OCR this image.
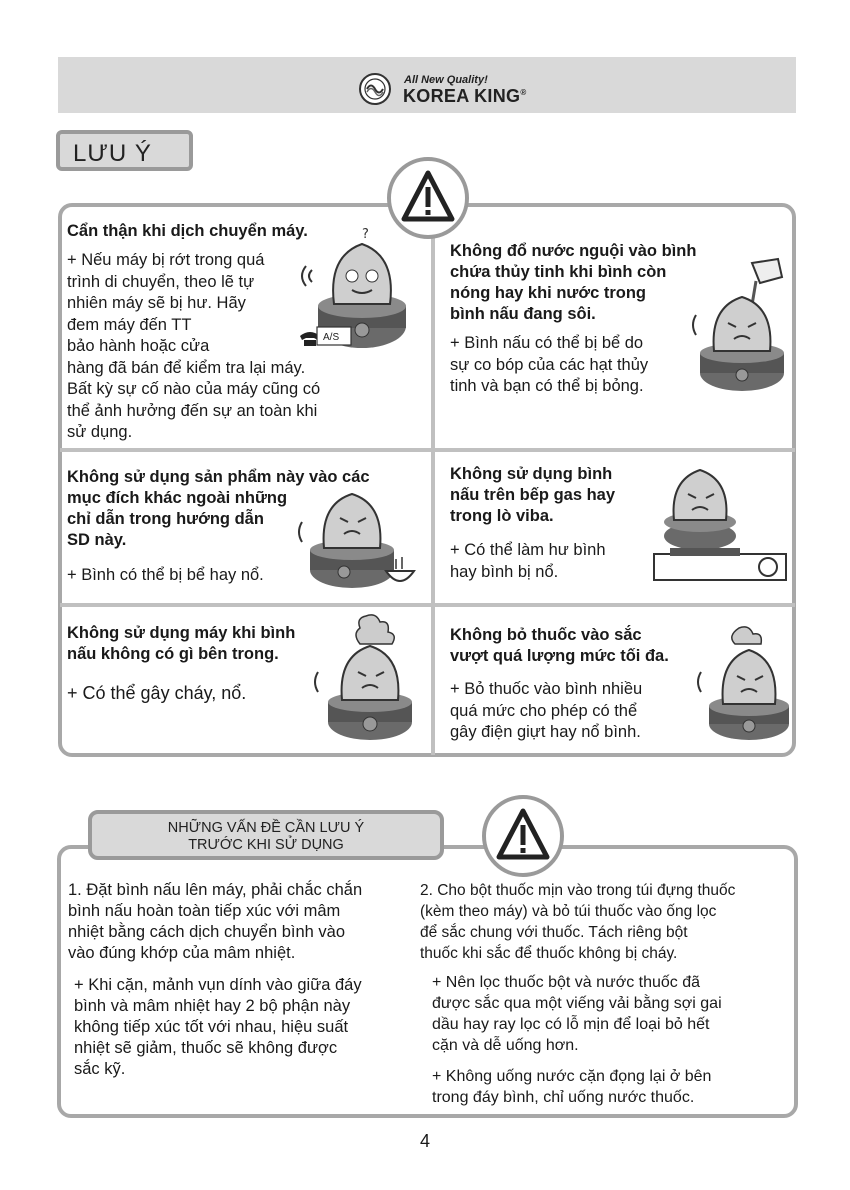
All New Quality!
KOREA KING®
LƯU Ý
Cẩn thận khi dịch chuyển máy.
+ Nếu máy bị rớt trong quá
trình di chuyển, theo lẽ tự
nhiên máy sẽ bị hư. Hãy
đem máy đến TT
bảo hành hoặc cửa
hàng đã bán để kiểm tra lại máy.
Bất kỳ sự cố nào của máy cũng có
thể ảnh hưởng đến sự an toàn khi
sử dụng.
?
A/S
Không đổ nước nguội vào bình
chứa thủy tinh khi bình còn
nóng hay khi nước trong
bình nấu đang sôi.
+ Bình nấu có thể bị bể do
sự co bóp của các hạt thủy
tinh và bạn có thể bị bỏng.
Không sử dụng sản phẩm này vào các
mục đích khác ngoài những
chỉ dẫn trong hướng dẫn
SD này.
+ Bình có thể bị bể hay nổ.
Không sử dụng bình
nấu trên bếp gas hay
trong lò viba.
+ Có thể làm hư bình
hay bình bị nổ.
Không sử dụng máy khi bình
nấu không có gì bên trong.
+ Có thể gây cháy, nổ.
Không bỏ thuốc vào sắc
vượt quá lượng mức tối đa.
+ Bỏ thuốc vào bình nhiều
quá mức cho phép có thể
gây điện giựt hay nổ bình.
NHỮNG VẤN ĐỀ CẦN LƯU Ý
TRƯỚC KHI SỬ DỤNG
1. Đặt bình nấu lên máy, phải chắc chắn
bình nấu hoàn toàn tiếp xúc với mâm
nhiệt bằng cách dịch chuyển bình vào
vào đúng khớp của mâm nhiệt.
+ Khi cặn, mảnh vụn dính vào giữa đáy
bình và mâm nhiệt hay 2 bộ phận này
không tiếp xúc tốt với nhau, hiệu suất
nhiệt sẽ giảm, thuốc sẽ không được
sắc kỹ.
2. Cho bột thuốc mịn vào trong túi đựng thuốc
(kèm theo máy) và bỏ túi thuốc vào ống lọc
để sắc chung với thuốc. Tách riêng bột
thuốc khi sắc để thuốc không bị cháy.
+ Nên lọc thuốc bột và nước thuốc đã
được sắc qua một viếng vải bằng sợi gai
dầu hay ray lọc có lỗ mịn để loại bỏ hết
cặn và dễ uống hơn.
+ Không uống nước cặn đọng lại ở bên
trong đáy bình, chỉ uống nước thuốc.
4
